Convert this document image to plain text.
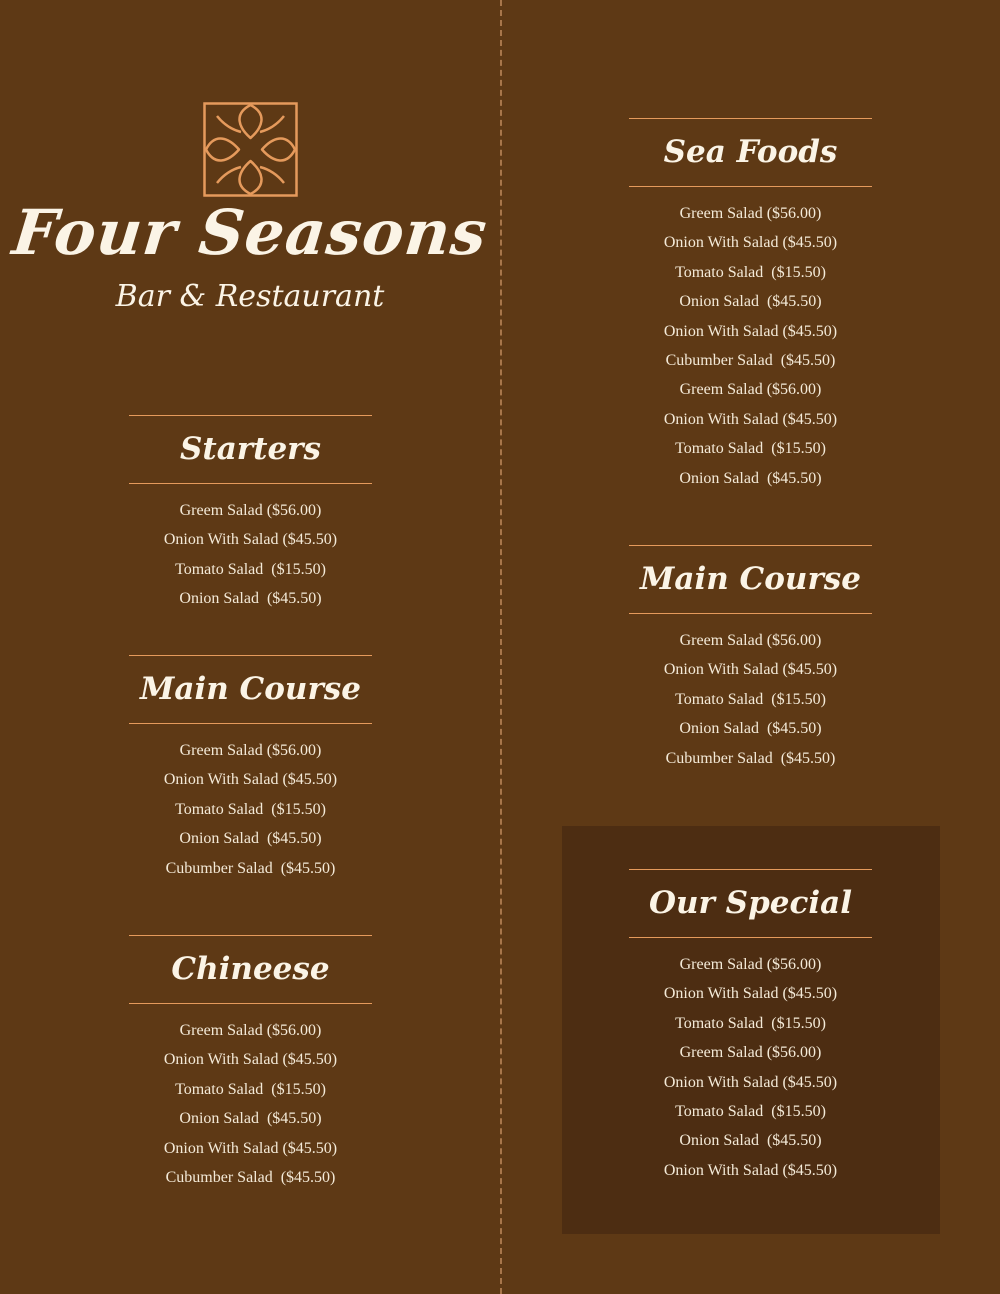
Four Seasons
Bar & Restaurant
Starters
Greem Salad ($56.00)
Onion With Salad ($45.50)
Tomato Salad  ($15.50)
Onion Salad  ($45.50)
Main Course
Greem Salad ($56.00)
Onion With Salad ($45.50)
Tomato Salad  ($15.50)
Onion Salad  ($45.50)
Cubumber Salad  ($45.50)
Chineese
Greem Salad ($56.00)
Onion With Salad ($45.50)
Tomato Salad  ($15.50)
Onion Salad  ($45.50)
Onion With Salad ($45.50)
Cubumber Salad  ($45.50)
Sea Foods
Greem Salad ($56.00)
Onion With Salad ($45.50)
Tomato Salad  ($15.50)
Onion Salad  ($45.50)
Onion With Salad ($45.50)
Cubumber Salad  ($45.50)
Greem Salad ($56.00)
Onion With Salad ($45.50)
Tomato Salad  ($15.50)
Onion Salad  ($45.50)
Main Course
Greem Salad ($56.00)
Onion With Salad ($45.50)
Tomato Salad  ($15.50)
Onion Salad  ($45.50)
Cubumber Salad  ($45.50)
Our Special
Greem Salad ($56.00)
Onion With Salad ($45.50)
Tomato Salad  ($15.50)
Greem Salad ($56.00)
Onion With Salad ($45.50)
Tomato Salad  ($15.50)
Onion Salad  ($45.50)
Onion With Salad ($45.50)
